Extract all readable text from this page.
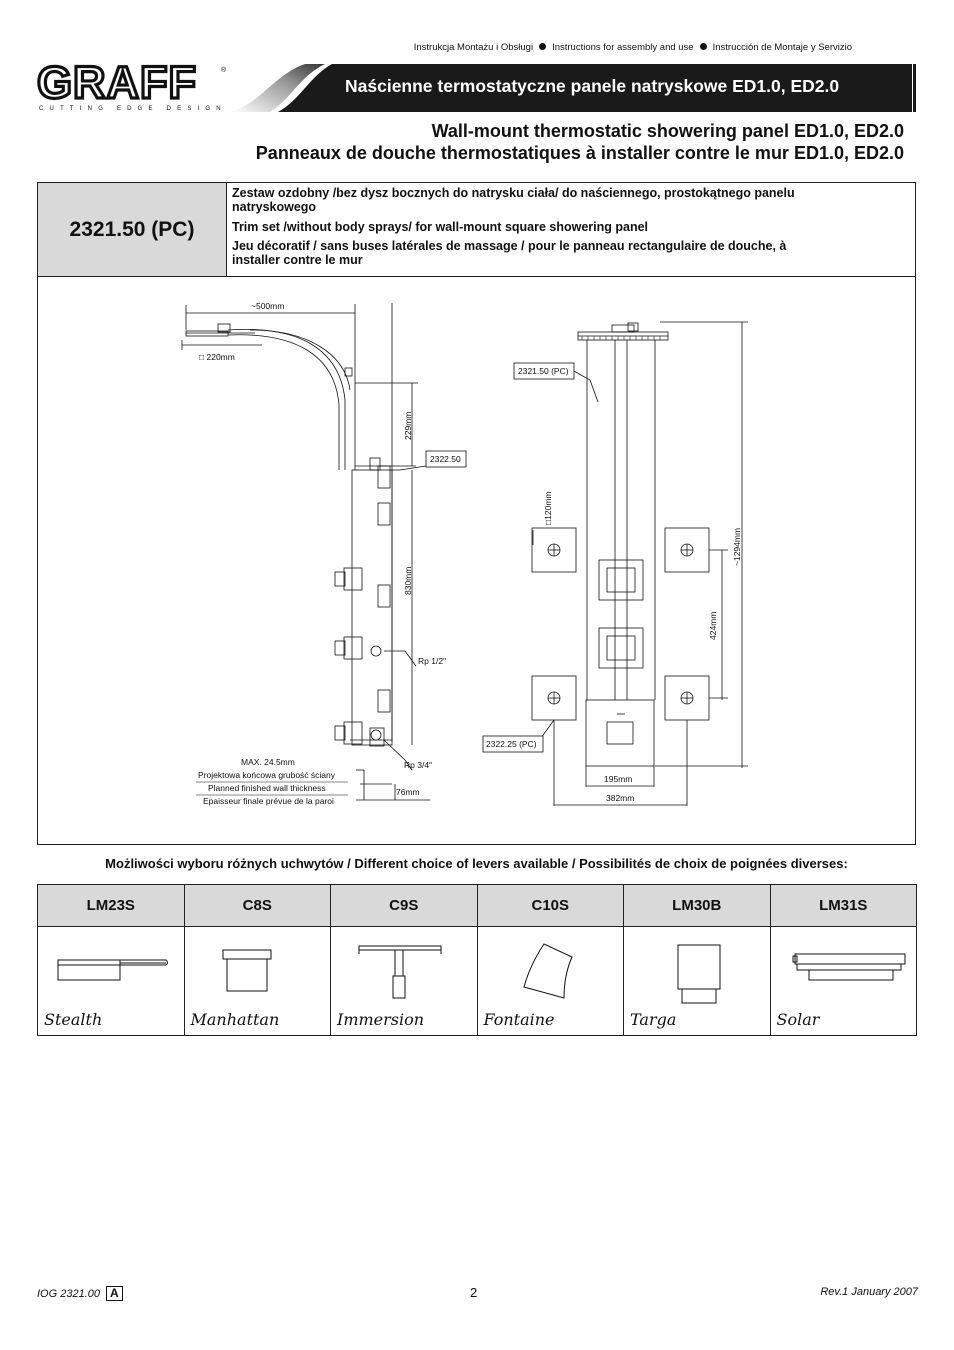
Instrukcja Montażu i Obsługi Instructions for assembly and use Instrucción de Montaje y Servizio
GRAFF
CUTTING EDGE DESIGN
®
Naścienne termostatyczne panele natryskowe ED1.0, ED2.0
Wall-mount thermostatic showering panel ED1.0, ED2.0
Panneaux de douche thermostatiques à installer contre le mur ED1.0, ED2.0
2321.50 (PC)
Zestaw ozdobny /bez dysz bocznych do natrysku ciała/ do naściennego, prostokątnego panelu natryskowego
Trim set /without body sprays/ for wall-mount square showering panel
Jeu décoratif / sans buses latérales de massage / pour le panneau rectangulaire de douche, à installer contre le mur
~500mm
□ 220mm
229mm
830mm
2322.50
Rp 1/2"
Rp 3/4"
76mm
MAX. 24.5mm
Projektowa końcowa grubość ściany
Planned finished wall thickness
Epaisseur finale prévue de la paroi
2321.50 (PC)
2322.25 (PC)
□120mm
~1294mm
424mm
195mm
382mm
Możliwości wyboru różnych uchwytów / Different choice of levers available / Possibilités de choix de poignées diverses:
LM23S	C8S	C9S	C10S	LM30B	LM31S

Stealth	Manhattan	Immersion	Fontaine	Targa	Solar
IOG 2321.00 A	2	Rev.1 January 2007
